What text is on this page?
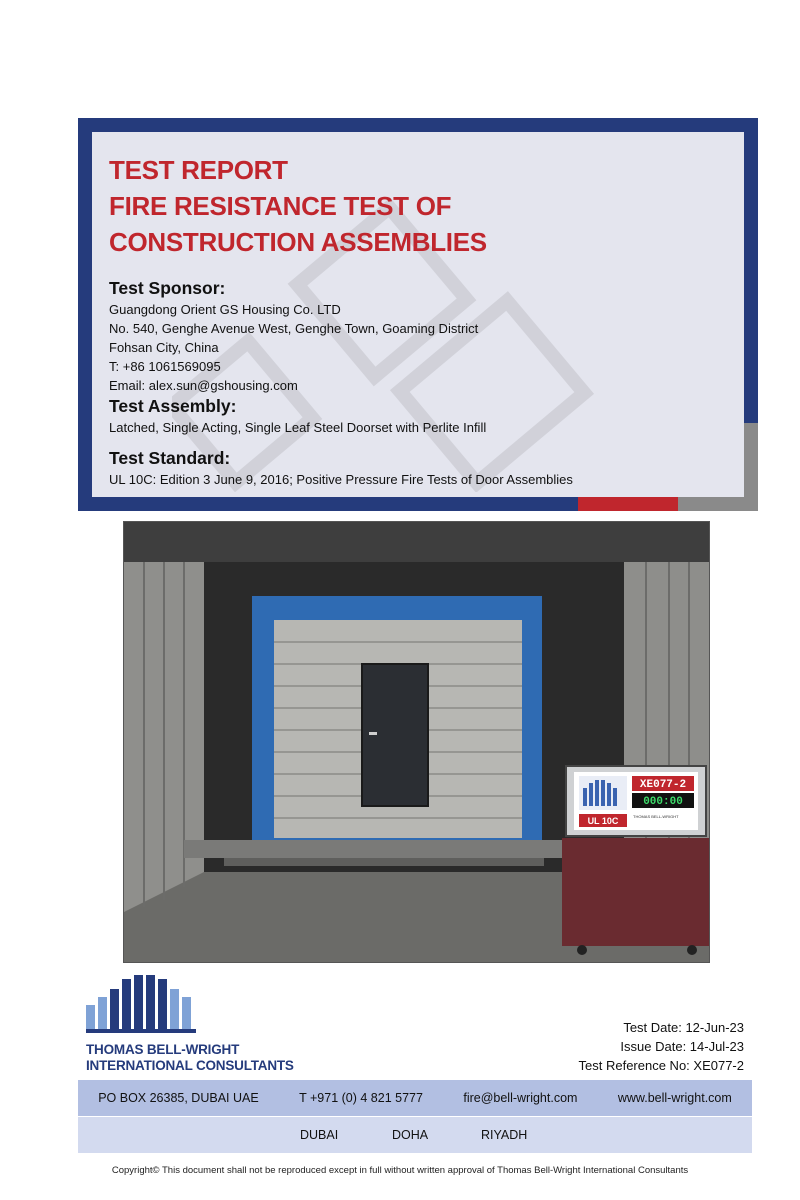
TEST REPORT
FIRE RESISTANCE TEST OF
CONSTRUCTION ASSEMBLIES
Test Sponsor:
Guangdong Orient GS Housing Co. LTD
No. 540, Genghe Avenue West, Genghe Town, Goaming District
Fohsan City, China
T: +86 1061569095
Email: alex.sun@gshousing.com
Test Assembly:
Latched, Single Acting, Single Leaf Steel Doorset with Perlite Infill
Test Standard:
UL 10C: Edition 3 June 9, 2016; Positive Pressure Fire Tests of Door Assemblies
XE077-2
000:00
UL 10C	THOMAS BELL-WRIGHT
THOMAS BELL-WRIGHT
INTERNATIONAL CONSULTANTS
Test Date: 12-Jun-23
Issue Date: 14-Jul-23
Test Reference No: XE077-2
PO BOX 26385, DUBAI UAE	T +971 (0) 4 821 5777	fire@bell-wright.com	www.bell-wright.com
DUBAI	DOHA	RIYADH
Copyright© This document shall not be reproduced except in full without written approval of Thomas Bell-Wright International Consultants
